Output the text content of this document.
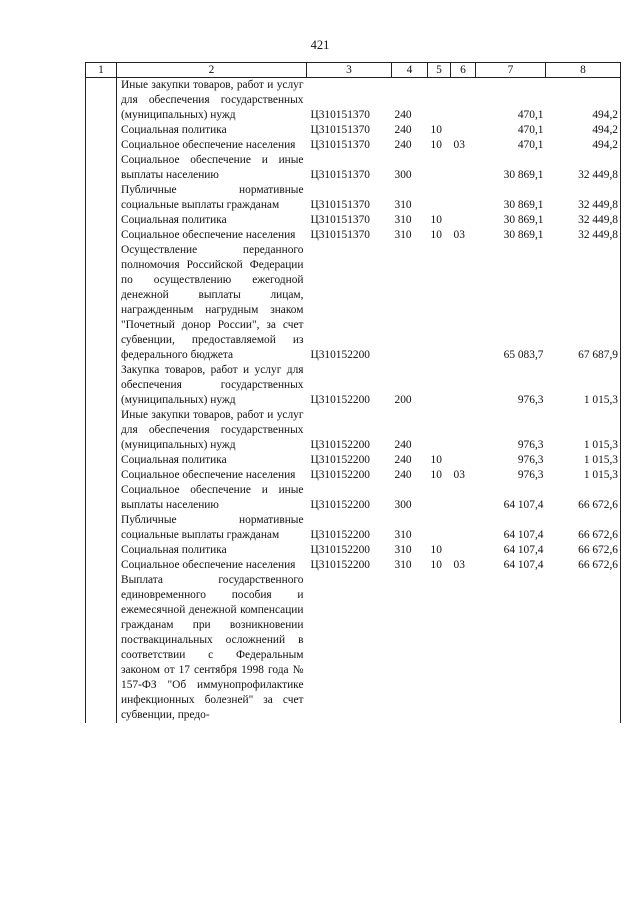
421
1	2	3	4	5	6	7	8
	Иные закупки товаров, работ и услуг для обеспечения государственных (муниципальных) нужд	Ц310151370	240			470,1	494,2
	Социальная политика	Ц310151370	240	10		470,1	494,2
	Социальное обеспечение населения	Ц310151370	240	10	03	470,1	494,2
	Социальное обеспечение и иные выплаты населению	Ц310151370	300			30 869,1	32 449,8
	Публичные нормативные социальные выплаты гражданам	Ц310151370	310			30 869,1	32 449,8
	Социальная политика	Ц310151370	310	10		30 869,1	32 449,8
	Социальное обеспечение населения	Ц310151370	310	10	03	30 869,1	32 449,8
	Осуществление переданного полномочия Российской Федерации по осуществлению ежегодной денежной выплаты лицам, награжденным нагрудным знаком "Почетный донор России", за счет субвенции, предоставляемой из федерального бюджета	Ц310152200				65 083,7	67 687,9
	Закупка товаров, работ и услуг для обеспечения государственных (муниципальных) нужд	Ц310152200	200			976,3	1 015,3
	Иные закупки товаров, работ и услуг для обеспечения государственных (муниципальных) нужд	Ц310152200	240			976,3	1 015,3
	Социальная политика	Ц310152200	240	10		976,3	1 015,3
	Социальное обеспечение населения	Ц310152200	240	10	03	976,3	1 015,3
	Социальное обеспечение и иные выплаты населению	Ц310152200	300			64 107,4	66 672,6
	Публичные нормативные социальные выплаты гражданам	Ц310152200	310			64 107,4	66 672,6
	Социальная политика	Ц310152200	310	10		64 107,4	66 672,6
	Социальное обеспечение населения	Ц310152200	310	10	03	64 107,4	66 672,6
	Выплата государственного единовременного пособия и ежемесячной денежной компенсации гражданам при возникновении поствакцинальных осложнений в соответствии с Федеральным законом от 17 сентября 1998 года № 157-ФЗ "Об иммунопрофилактике инфекционных болезней" за счет субвенции, предо-						
